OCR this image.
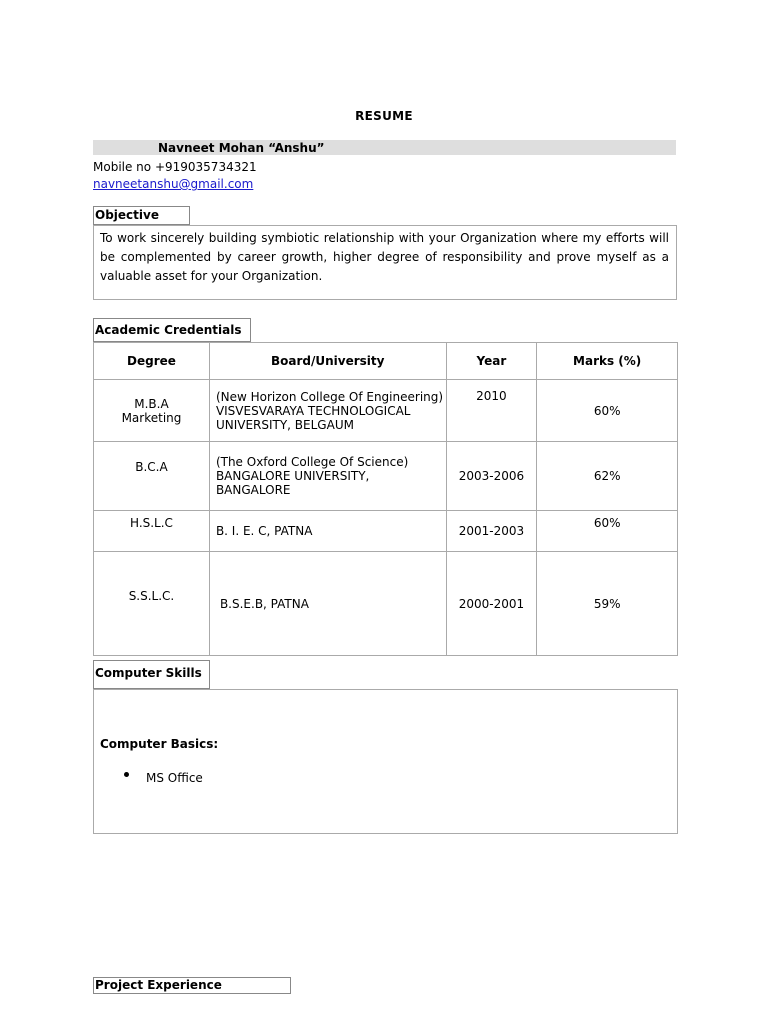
RESUME
Navneet Mohan “Anshu”
Mobile no +919035734321
navneetanshu@gmail.com
Objective
To work sincerely building symbiotic relationship with your Organization where my efforts will be complemented by career growth, higher degree of responsibility and prove myself as a valuable asset for your Organization.
Academic Credentials
Degree	Board/University	Year	Marks (%)
M.B.A Marketing	(New Horizon College Of Engineering) VISVESVARAYA TECHNOLOGICAL UNIVERSITY, BELGAUM	2010	60%
B.C.A	(The Oxford College Of Science) BANGALORE UNIVERSITY, BANGALORE	2003-2006	62%
H.S.L.C	B. I. E. C, PATNA	2001-2003	60%
S.S.L.C.	B.S.E.B, PATNA	2000-2001	59%
Computer Skills
Computer Basics:
MS Office
Project Experience
